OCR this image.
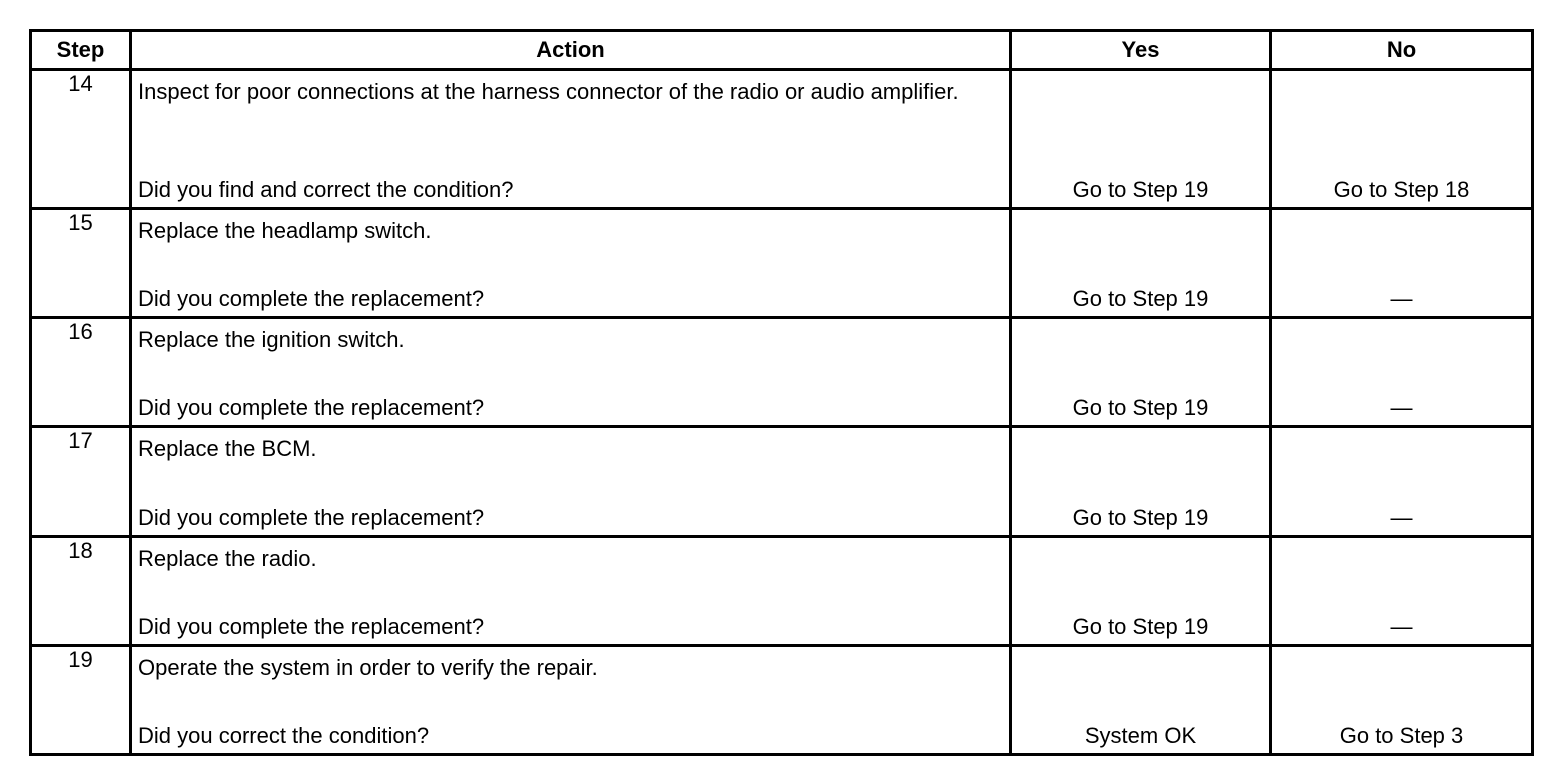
Step	Action	Yes	No
14	Inspect for poor connections at the harness connector of the radio or audio amplifier.
Did you find and correct the condition?	Go to Step 19	Go to Step 18

15	Replace the headlamp switch.
Did you complete the replacement?	Go to Step 19	—

16	Replace the ignition switch.
Did you complete the replacement?	Go to Step 19	—

17	Replace the BCM.
Did you complete the replacement?	Go to Step 19	—

18	Replace the radio.
Did you complete the replacement?	Go to Step 19	—

19	Operate the system in order to verify the repair.
Did you correct the condition?	System OK	Go to Step 3
